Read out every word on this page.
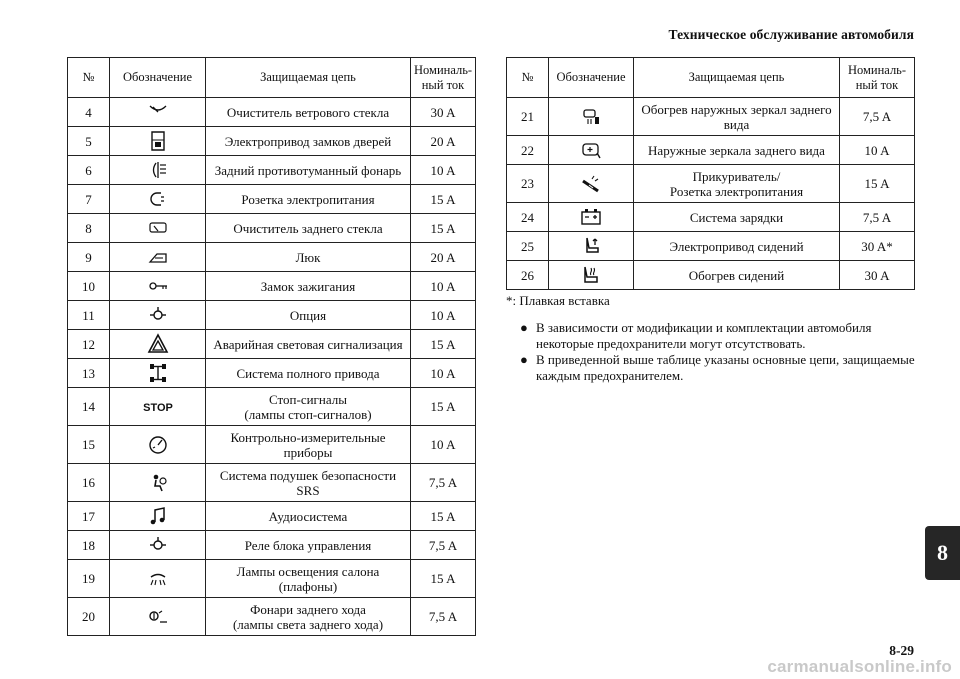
Техническое обслуживание автомобиля
№	Обозначение	Защищаемая цепь	Номиналь-
ный ток
4		Очиститель ветрового стекла	30 A
5		Электропривод замков дверей	20 A
6		Задний противотуманный фонарь	10 A
7		Розетка электропитания	15 A
8		Очиститель заднего стекла	15 A
9		Люк	20 A
10		Замок зажигания	10 A
11		Опция	10 A
12		Аварийная световая сигнализация	15 A
13		Система полного привода	10 A
14	STOP	Стоп-сигналы
(лампы стоп-сигналов)	15 A
15		Контрольно-измерительные
приборы	10 A
16		Система подушек безопасности
SRS	7,5 A
17		Аудиосистема	15 A
18		Реле блока управления	7,5 A
19		Лампы освещения салона
(плафоны)	15 A
20		Фонари заднего хода
(лампы света заднего хода)	7,5 A
№	Обозначение	Защищаемая цепь	Номиналь-
ный ток
21		Обогрев наружных зеркал заднего
вида	7,5 A
22		Наружные зеркала заднего вида	10 A
23		Прикуриватель/
Розетка электропитания	15 A
24		Система зарядки	7,5 A
25		Электропривод сидений	30 A*
26		Обогрев сидений	30 A
*: Плавкая вставка
● В зависимости от модификации и комплектации автомобиля некоторые предохранители могут отсутствовать.
● В приведенной выше таблице указаны основные цепи, защищаемые каждым предохранителем.
8
8-29
carmanualsonline.info
